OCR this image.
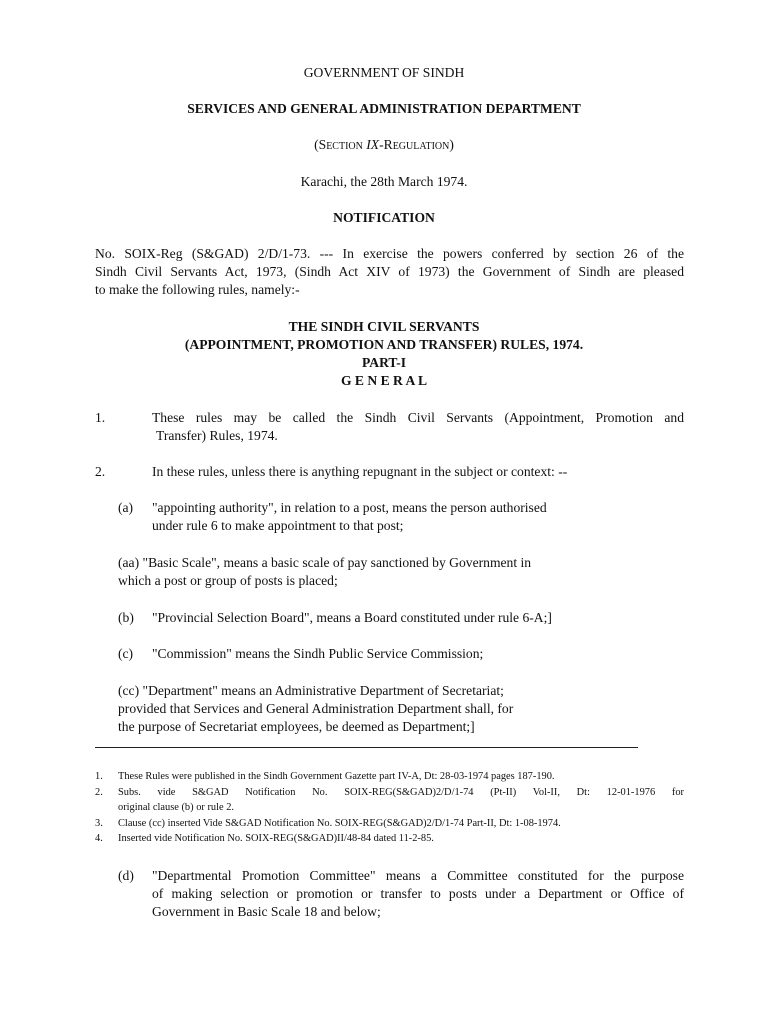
GOVERNMENT OF SINDH
SERVICES AND GENERAL ADMINISTRATION DEPARTMENT
(Section IX-Regulation)
Karachi, the 28th March 1974.
NOTIFICATION
No. SOIX-Reg (S&GAD) 2/D/1-73. --- In exercise the powers conferred by section 26 of the
Sindh Civil Servants Act, 1973, (Sindh Act XIV of 1973) the Government of Sindh are pleased
to make the following rules, namely:-
THE SINDH CIVIL SERVANTS
(APPOINTMENT, PROMOTION AND TRANSFER) RULES, 1974.
PART-I
G E N E R A L
1.	These rules may be called the Sindh Civil Servants (Appointment, Promotion and
Transfer) Rules, 1974.
2.	In these rules, unless there is anything repugnant in the subject or context: --
(a) "appointing authority", in relation to a post, means the person authorised
under rule 6 to make appointment to that post;
(aa) "Basic Scale", means a basic scale of pay sanctioned by Government in
which a post or group of posts is placed;
(b) "Provincial Selection Board", means a Board constituted under rule 6-A;]
(c) "Commission" means the Sindh Public Service Commission;
(cc) "Department" means an Administrative Department of Secretariat;
provided that Services and General Administration Department shall, for
the purpose of Secretariat employees, be deemed as Department;]
1. These Rules were published in the Sindh Government Gazette part IV-A, Dt: 28-03-1974 pages 187-190.
2. Subs. vide S&GAD Notification No. SOIX-REG(S&GAD)2/D/1-74 (Pt-II) Vol-II, Dt: 12-01-1976 for
original clause (b) or rule 2.
3. Clause (cc) inserted Vide S&GAD Notification No. SOIX-REG(S&GAD)2/D/1-74 Part-II, Dt: 1-08-1974.
4. Inserted vide Notification No. SOIX-REG(S&GAD)II/48-84 dated 11-2-85.
(d) "Departmental Promotion Committee" means a Committee constituted for the purpose
of making selection or promotion or transfer to posts under a Department or Office of
Government in Basic Scale 18 and below;
